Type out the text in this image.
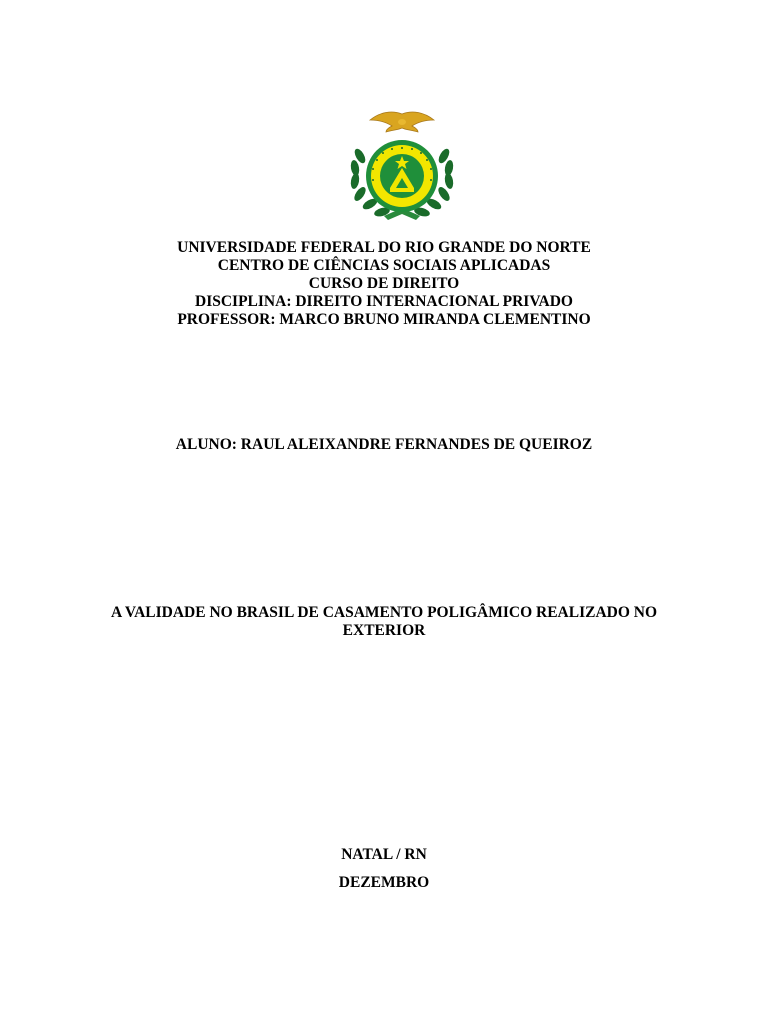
UNIVERSIDADE FEDERAL DO RIO GRANDE DO NORTE
CENTRO DE CIÊNCIAS SOCIAIS APLICADAS
CURSO DE DIREITO
DISCIPLINA: DIREITO INTERNACIONAL PRIVADO
PROFESSOR: MARCO BRUNO MIRANDA CLEMENTINO
ALUNO: RAUL ALEIXANDRE FERNANDES DE QUEIROZ
A VALIDADE NO BRASIL DE CASAMENTO POLIGÂMICO REALIZADO NO
EXTERIOR
NATAL / RN
DEZEMBRO
